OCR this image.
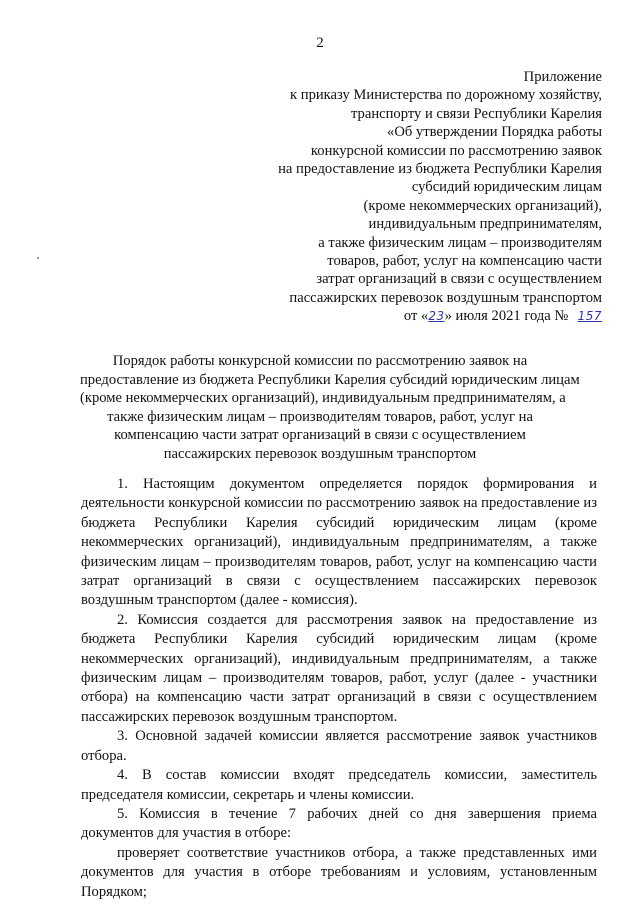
2
Приложение
к приказу Министерства по дорожному хозяйству,
транспорту и связи Республики Карелия
«Об утверждении Порядка работы
конкурсной комиссии по рассмотрению заявок
на предоставление из бюджета Республики Карелия
субсидий юридическим лицам
(кроме некоммерческих организаций),
индивидуальным предпринимателям,
а также физическим лицам – производителям
товаров, работ, услуг на компенсацию части
затрат организаций в связи с осуществлением
пассажирских перевозок воздушным транспортом
от «23» июля 2021 года № 157
Порядок работы конкурсной комиссии по рассмотрению заявок на
предоставление из бюджета Республики Карелия субсидий юридическим лицам
(кроме некоммерческих организаций), индивидуальным предпринимателям, а
также физическим лицам – производителям товаров, работ, услуг на
компенсацию части затрат организаций в связи с осуществлением
пассажирских перевозок воздушным транспортом

1. Настоящим документом определяется порядок формирования и деятельности конкурсной комиссии по рассмотрению заявок на предоставление из бюджета Республики Карелия субсидий юридическим лицам (кроме некоммерческих организаций), индивидуальным предпринимателям, а также физическим лицам – производителям товаров, работ, услуг на компенсацию части затрат организаций в связи с осуществлением пассажирских перевозок воздушным транспортом (далее - комиссия).

2. Комиссия создается для рассмотрения заявок на предоставление из бюджета Республики Карелия субсидий юридическим лицам (кроме некоммерческих организаций), индивидуальным предпринимателям, а также физическим лицам – производителям товаров, работ, услуг (далее - участники отбора) на компенсацию части затрат организаций в связи с осуществлением пассажирских перевозок воздушным транспортом.

3. Основной задачей комиссии является рассмотрение заявок участников отбора.

4. В состав комиссии входят председатель комиссии, заместитель председателя комиссии, секретарь и члены комиссии.

5. Комиссия в течение 7 рабочих дней со дня завершения приема документов для участия в отборе:

проверяет соответствие участников отбора, а также представленных ими документов для участия в отборе требованиям и условиям, установленным Порядком;
